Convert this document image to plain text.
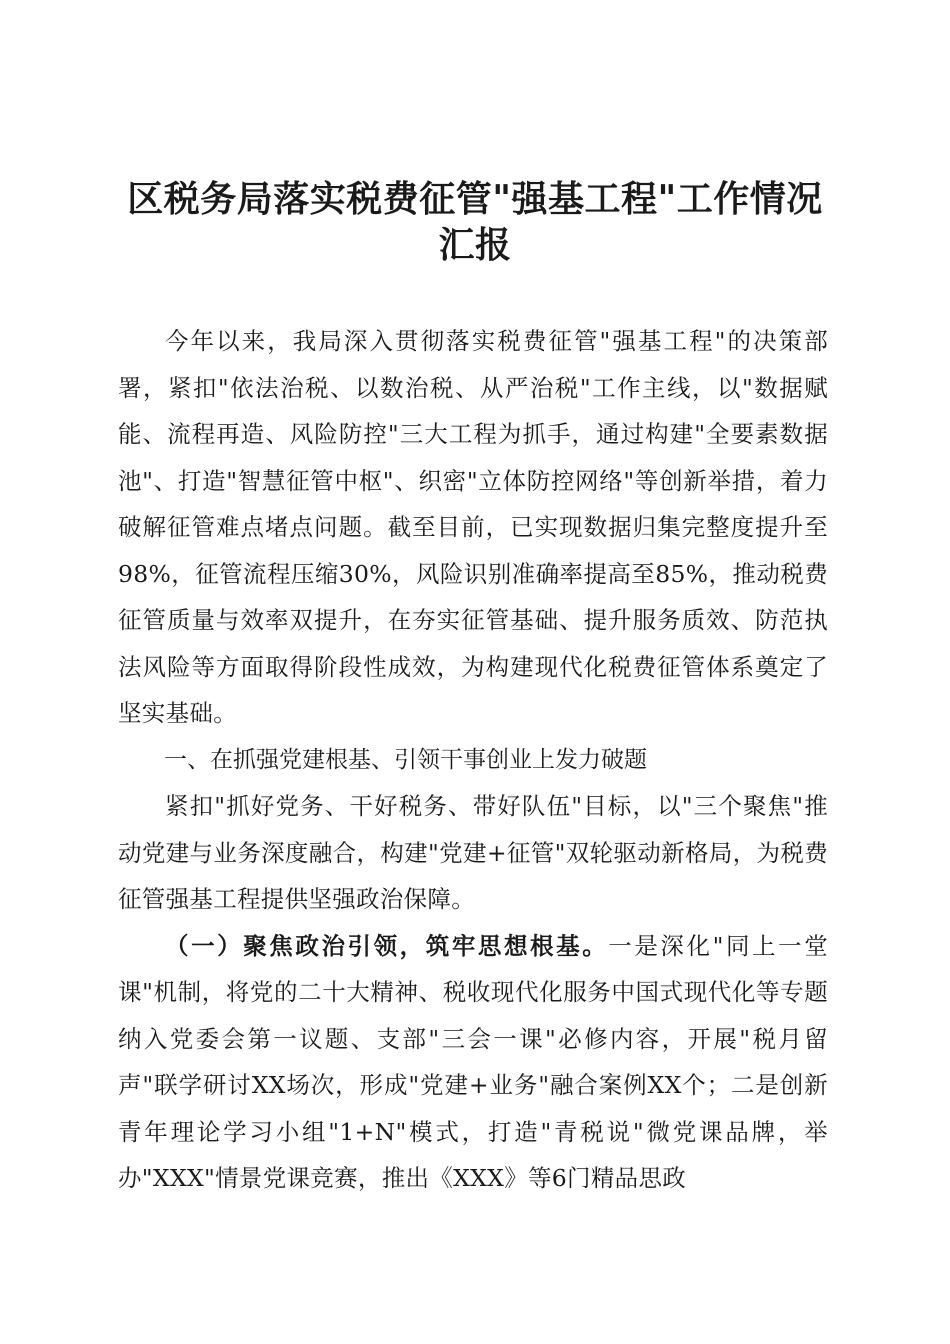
区税务局落实税费征管"强基工程"工作情况汇报

今年以来，我局深入贯彻落实税费征管"强基工程"的决策部署，紧扣"依法治税、以数治税、从严治税"工作主线，以"数据赋能、流程再造、风险防控"三大工程为抓手，通过构建"全要素数据池"、打造"智慧征管中枢"、织密"立体防控网络"等创新举措，着力破解征管难点堵点问题。截至目前，已实现数据归集完整度提升至98%，征管流程压缩30%，风险识别准确率提高至85%，推动税费征管质量与效率双提升，在夯实征管基础、提升服务质效、防范执法风险等方面取得阶段性成效，为构建现代化税费征管体系奠定了坚实基础。

一、在抓强党建根基、引领干事创业上发力破题

紧扣"抓好党务、干好税务、带好队伍"目标，以"三个聚焦"推动党建与业务深度融合，构建"党建+征管"双轮驱动新格局，为税费征管强基工程提供坚强政治保障。

（一）聚焦政治引领，筑牢思想根基。一是深化"同上一堂课"机制，将党的二十大精神、税收现代化服务中国式现代化等专题纳入党委会第一议题、支部"三会一课"必修内容，开展"税月留声"联学研讨XX场次，形成"党建+业务"融合案例XX个；二是创新青年理论学习小组"1+N"模式，打造"青税说"微党课品牌，举办"XXX"情景党课竞赛，推出《XXX》等6门精品思政
